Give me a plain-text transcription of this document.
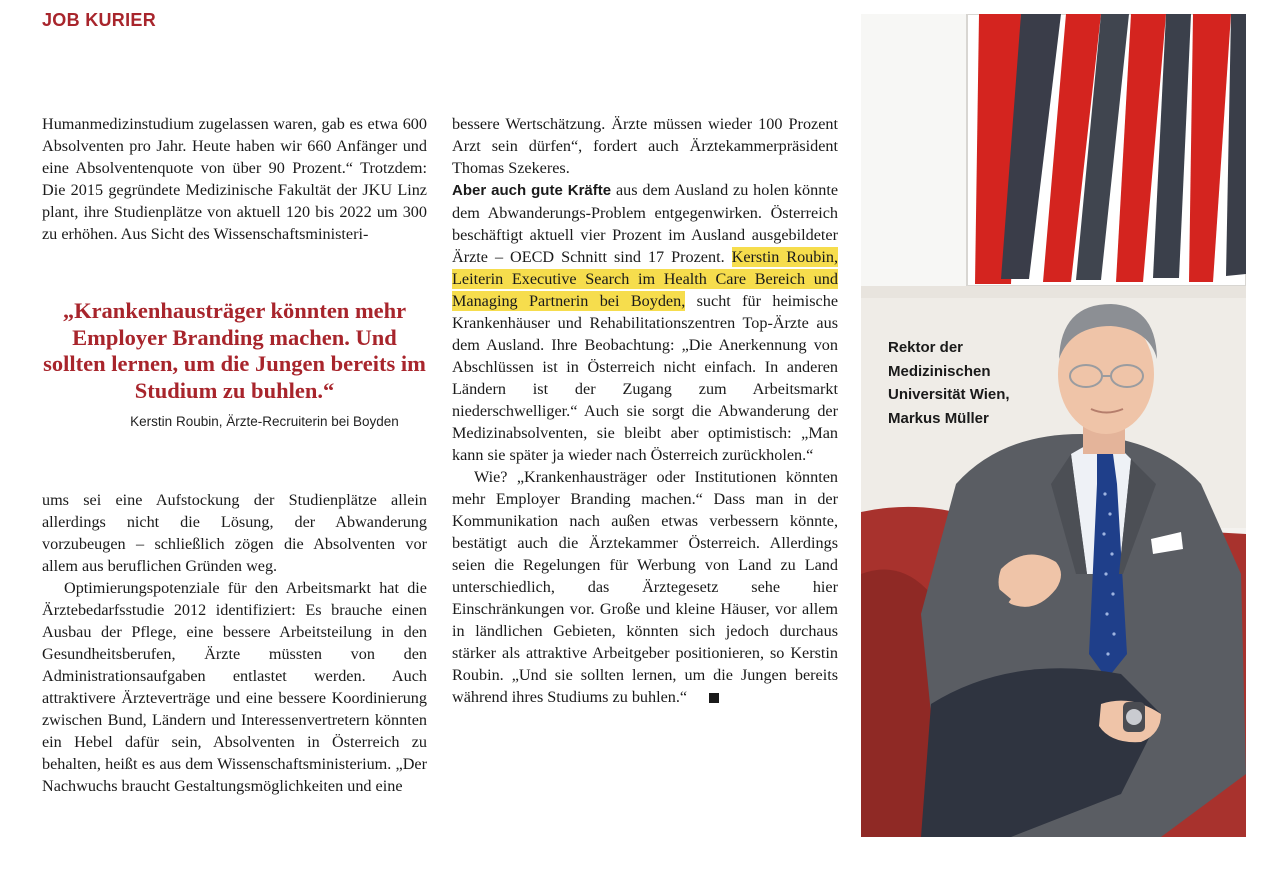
JOB KURIER

Humanmedizinstudium zugelassen waren, gab es etwa 600 Absolventen pro Jahr. Heute haben wir 660 Anfänger und eine Absolventenquote von über 90 Prozent.“ Trotzdem: Die 2015 gegründete Medizinische Fakultät der JKU Linz plant, ihre Studienplätze von aktuell 120 bis 2022 um 300 zu erhöhen. Aus Sicht des Wissenschaftsministeri-

„Krankenhausträger könnten mehr Employer Branding machen. Und sollten lernen, um die Jungen bereits im Studium zu buhlen.“
Kerstin Roubin, Ärzte-Recruiterin bei Boyden

ums sei eine Aufstockung der Studienplätze allein allerdings nicht die Lösung, der Abwanderung vorzubeugen – schließlich zögen die Absolventen vor allem aus beruflichen Gründen weg.

Optimierungspotenziale für den Arbeitsmarkt hat die Ärztebedarfsstudie 2012 identifiziert: Es brauche einen Ausbau der Pflege, eine bessere Arbeitsteilung in den Gesundheitsberufen, Ärzte müssten von den Administrationsaufgaben entlastet werden. Auch attraktivere Ärzteverträge und eine bessere Koordinierung zwischen Bund, Ländern und Interessenvertretern könnten ein Hebel dafür sein, Absolventen in Österreich zu behalten, heißt es aus dem Wissenschaftsministerium. „Der Nachwuchs braucht Gestaltungsmöglichkeiten und eine

bessere Wertschätzung. Ärzte müssen wieder 100 Prozent Arzt sein dürfen“, fordert auch Ärztekammerpräsident Thomas Szekeres.

Aber auch gute Kräfte aus dem Ausland zu holen könnte dem Abwanderungs-Problem entgegenwirken. Österreich beschäftigt aktuell vier Prozent im Ausland ausgebildeter Ärzte – OECD Schnitt sind 17 Prozent. Kerstin Roubin, Leiterin Executive Search im Health Care Bereich und Managing Partnerin bei Boyden, sucht für heimische Krankenhäuser und Rehabilitationszentren Top-Ärzte aus dem Ausland. Ihre Beobachtung: „Die Anerkennung von Abschlüssen ist in Österreich nicht einfach. In anderen Ländern ist der Zugang zum Arbeitsmarkt niederschwelliger.“ Auch sie sorgt die Abwanderung der Medizinabsolventen, sie bleibt aber optimistisch: „Man kann sie später ja wieder nach Österreich zurückholen.“

Wie? „Krankenhausträger oder Institutionen könnten mehr Employer Branding machen.“ Dass man in der Kommunikation nach außen etwas verbessern könnte, bestätigt auch die Ärztekammer Österreich. Allerdings seien die Regelungen für Werbung von Land zu Land unterschiedlich, das Ärztegesetz sehe hier Einschränkungen vor. Große und kleine Häuser, vor allem in ländlichen Gebieten, könnten sich jedoch durchaus stärker als attraktive Arbeitgeber positionieren, so Kerstin Roubin. „Und sie sollten lernen, um die Jungen bereits während ihres Studiums zu buhlen.“

Rektor der
Medizinischen
Universität Wien,
Markus Müller
